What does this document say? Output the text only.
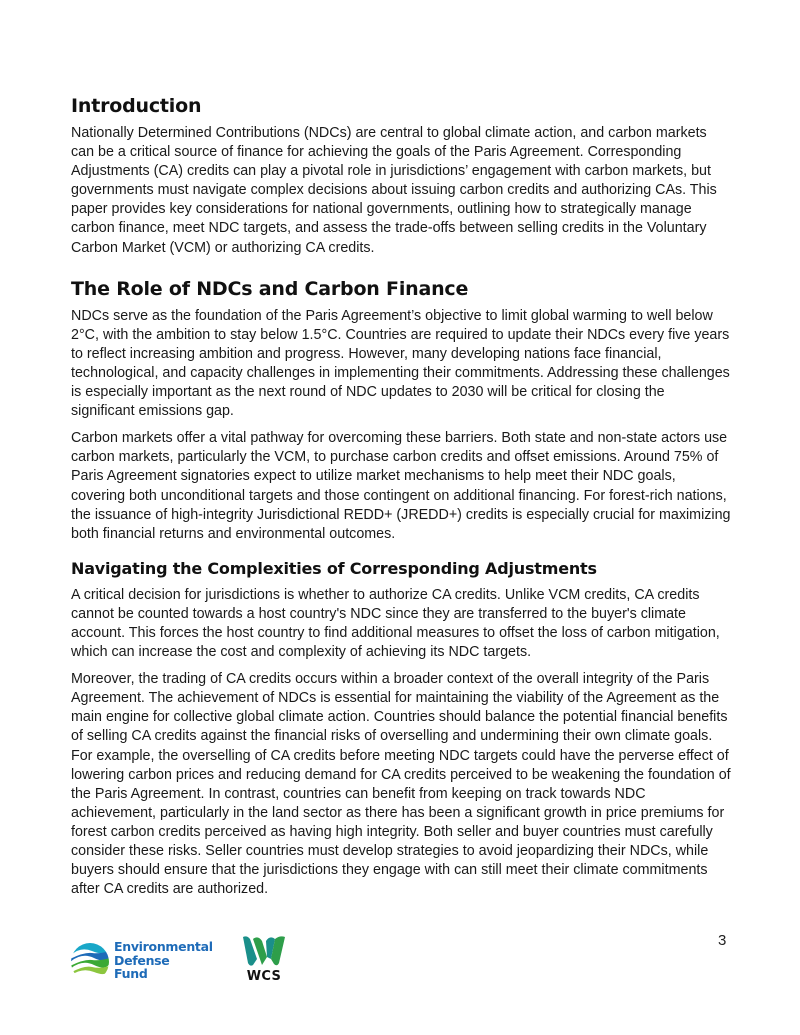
Introduction

Nationally Determined Contributions (NDCs) are central to global climate action, and carbon markets can be a critical source of finance for achieving the goals of the Paris Agreement. Corresponding Adjustments (CA) credits can play a pivotal role in jurisdictions’ engagement with carbon markets, but governments must navigate complex decisions about issuing carbon credits and authorizing CAs. This paper provides key considerations for national governments, outlining how to strategically manage carbon finance, meet NDC targets, and assess the trade-offs between selling credits in the Voluntary Carbon Market (VCM) or authorizing CA credits.

The Role of NDCs and Carbon Finance

NDCs serve as the foundation of the Paris Agreement’s objective to limit global warming to well below 2°C, with the ambition to stay below 1.5°C. Countries are required to update their NDCs every five years to reflect increasing ambition and progress. However, many developing nations face financial, technological, and capacity challenges in implementing their commitments. Addressing these challenges is especially important as the next round of NDC updates to 2030 will be critical for closing the significant emissions gap.

Carbon markets offer a vital pathway for overcoming these barriers. Both state and non-state actors use carbon markets, particularly the VCM, to purchase carbon credits and offset emissions. Around 75% of Paris Agreement signatories expect to utilize market mechanisms to help meet their NDC goals, covering both unconditional targets and those contingent on additional financing. For forest-rich nations, the issuance of high-integrity Jurisdictional REDD+ (JREDD+) credits is especially crucial for maximizing both financial returns and environmental outcomes.

Navigating the Complexities of Corresponding Adjustments

A critical decision for jurisdictions is whether to authorize CA credits. Unlike VCM credits, CA credits cannot be counted towards a host country's NDC since they are transferred to the buyer's climate account. This forces the host country to find additional measures to offset the loss of carbon mitigation, which can increase the cost and complexity of achieving its NDC targets.

Moreover, the trading of CA credits occurs within a broader context of the overall integrity of the Paris Agreement. The achievement of NDCs is essential for maintaining the viability of the Agreement as the main engine for collective global climate action. Countries should balance the potential financial benefits of selling CA credits against the financial risks of overselling and undermining their own climate goals. For example, the overselling of CA credits before meeting NDC targets could have the perverse effect of lowering carbon prices and reducing demand for CA credits perceived to be weakening the foundation of the Paris Agreement. In contrast, countries can benefit from keeping on track towards NDC achievement, particularly in the land sector as there has been a significant growth in price premiums for forest carbon credits perceived as having high integrity. Both seller and buyer countries must carefully consider these risks. Seller countries must develop strategies to avoid jeopardizing their NDCs, while buyers should ensure that the jurisdictions they engage with can still meet their climate commitments after CA credits are authorized.

3
Environmental
Defense
Fund	WCS
